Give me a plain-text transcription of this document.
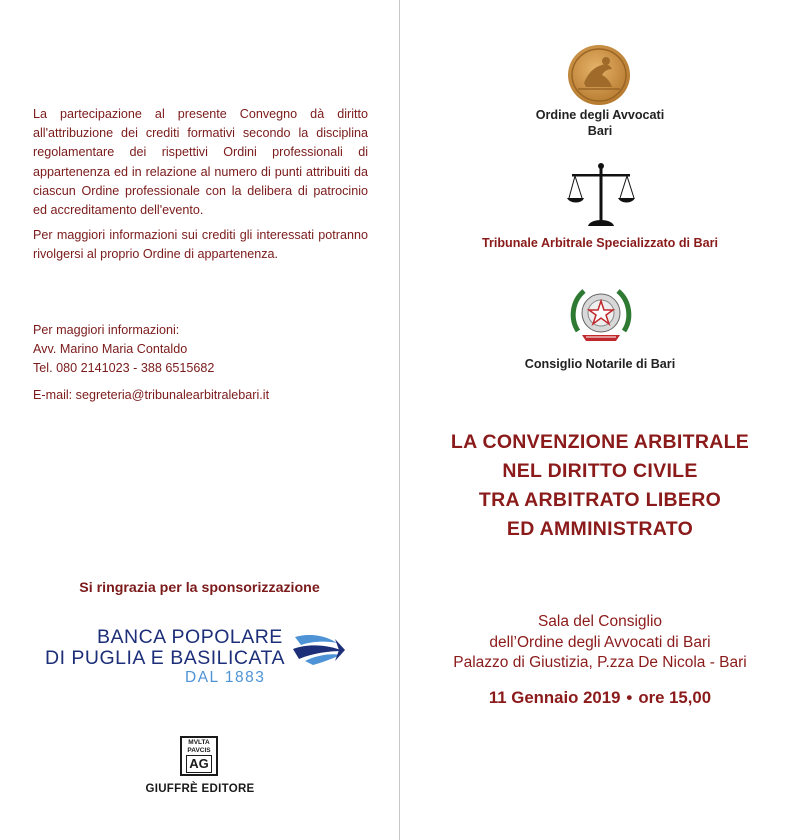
La partecipazione al presente Convegno dà diritto all'attribuzione dei crediti formativi secondo la disciplina regolamentare dei rispettivi Ordini professionali di appartenenza ed in relazione al numero di punti attribuiti da ciascun Ordine professionale con la delibera di patrocinio ed accreditamento dell'evento.

Per maggiori informazioni sui crediti gli interessati potranno rivolgersi al proprio Ordine di appartenenza.

Per maggiori informazioni:
Avv. Marino Maria Contaldo
Tel. 080 2141023 - 388 6515682
E-mail: segreteria@tribunalearbitralebari.it
Si ringrazia per la sponsorizzazione
BANCA POPOLARE
DI PUGLIA E BASILICATA
DAL 1883
MVLTA
PAVCIS
AG
GIUFFRÈ EDITORE
Ordine degli Avvocati
Bari
Tribunale Arbitrale Specializzato di Bari
Consiglio Notarile di Bari
LA CONVENZIONE ARBITRALE
NEL DIRITTO CIVILE
TRA ARBITRATO LIBERO
ED AMMINISTRATO
Sala del Consiglio
dell’Ordine degli Avvocati di Bari
Palazzo di Giustizia, P.zza De Nicola - Bari
11 Gennaio 2019 • ore 15,00
